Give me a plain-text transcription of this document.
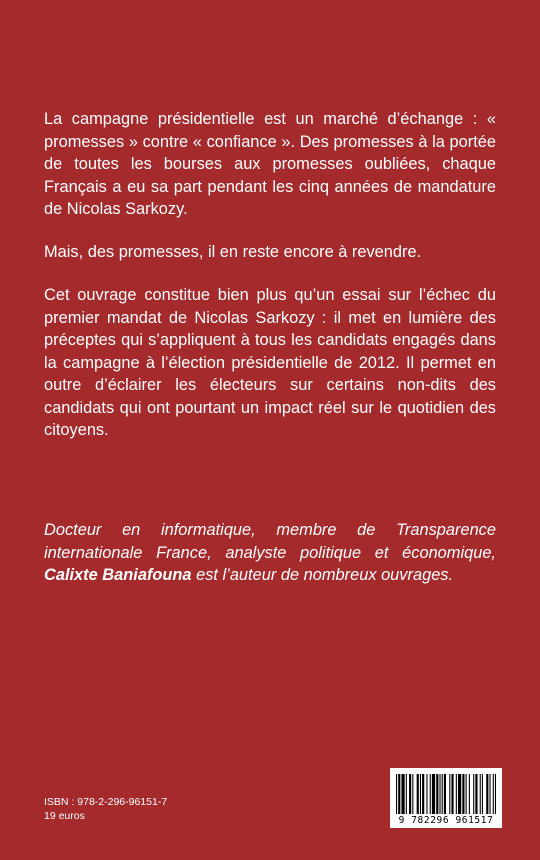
La campagne présidentielle est un marché d’échange : « promesses » contre « confiance ». Des promesses à la portée de toutes les bourses aux promesses oubliées, chaque Français a eu sa part pendant les cinq années de mandature de Nicolas Sarkozy.

Mais, des promesses, il en reste encore à revendre.

Cet ouvrage constitue bien plus qu’un essai sur l’échec du premier mandat de Nicolas Sarkozy : il met en lumière des préceptes qui s’appliquent à tous les candidats engagés dans la campagne à l’élection présidentielle de 2012. Il permet en outre d’éclairer les électeurs sur certains non-dits des candidats qui ont pourtant un impact réel sur le quotidien des citoyens.

Docteur en informatique, membre de Transparence internationale France, analyste politique et économique, Calixte Baniafouna est l’auteur de nombreux ouvrages.

ISBN : 978-2-296-96151-7
19 euros	9 782296 961517
